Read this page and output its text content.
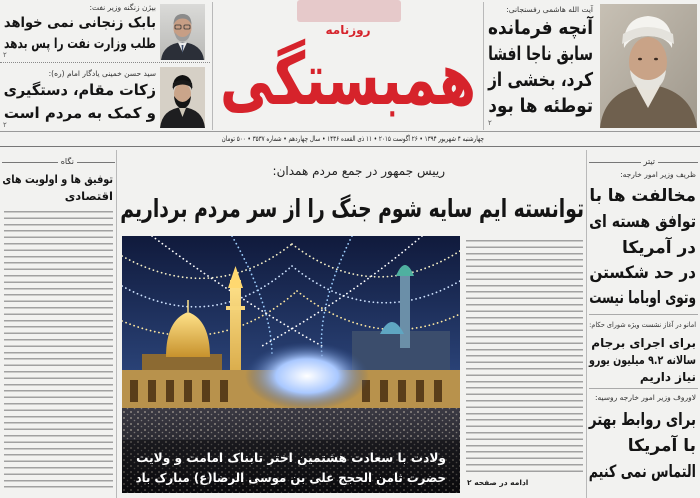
بیژن زنگنه وزیر نفت:
بابک زنجانی نمی خواهد
طلب وزارت نفت را پس بدهد
۲
سید حسن خمینی یادگار امام (ره):
زکات مقام، دستگیری
و کمک به مردم است
۲
روزنامه
همبستگی
آیت الله هاشمی رفسنجانی:
آنچه فرمانده
سابق ناجا افشا
کرد، بخشی از
توطئه ها بود
۲
چهارشنبه ۴ شهریور ۱۳۹۴ • ۲۶ آگوست ۲۰۱۵ • ۱۱ ذی القعده ۱۴۳۶ • سال چهاردهم • شماره ۳۵۳۷ • ۵۰۰ تومان
نگاه
توفیق ها و اولویت های
اقتصادی
رییس جمهور در جمع مردم همدان:
توانسته ایم سایه شوم جنگ را از سر مردم برداریم
ولادت با سعادت هشتمین اختر تابناک امامت و ولایت
حضرت ثامن الحجج علی بن موسی الرضا(ع) مبارک باد	ادامه در صفحه ۲
تیتر
ظریف وزیر امور خارجه:
مخالفت ها با
توافق هسته ای
در آمریکا
در حد شکستن
وتوی اوباما نیست
امانو در آغاز نشست ویژه شورای حکام:
برای اجرای برجام
سالانه ۹.۲ میلیون یورو
نیاز داریم
لاوروف وزیر امور خارجه روسیه:
برای روابط بهتر
با آمریکا
التماس نمی کنیم
